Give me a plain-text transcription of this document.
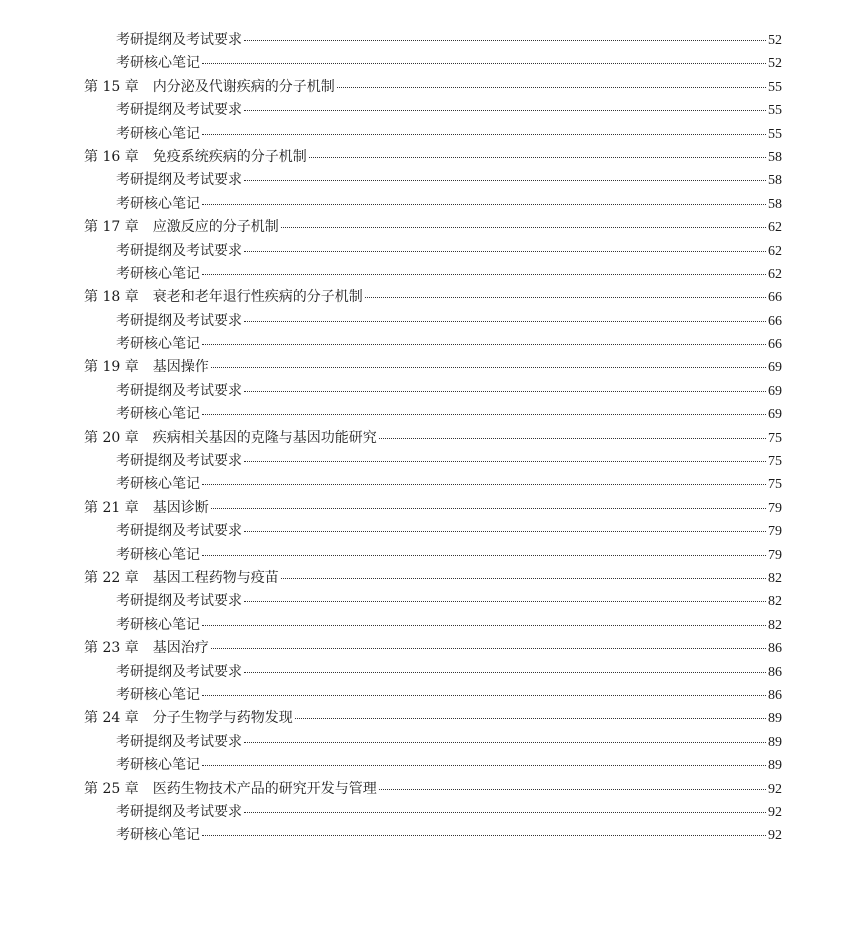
考研提纲及考试要求	52
考研核心笔记	52
第 15 章 内分泌及代谢疾病的分子机制	55
考研提纲及考试要求	55
考研核心笔记	55
第 16 章 免疫系统疾病的分子机制	58
考研提纲及考试要求	58
考研核心笔记	58
第 17 章 应激反应的分子机制	62
考研提纲及考试要求	62
考研核心笔记	62
第 18 章 衰老和老年退行性疾病的分子机制	66
考研提纲及考试要求	66
考研核心笔记	66
第 19 章 基因操作	69
考研提纲及考试要求	69
考研核心笔记	69
第 20 章 疾病相关基因的克隆与基因功能研究	75
考研提纲及考试要求	75
考研核心笔记	75
第 21 章 基因诊断	79
考研提纲及考试要求	79
考研核心笔记	79
第 22 章 基因工程药物与疫苗	82
考研提纲及考试要求	82
考研核心笔记	82
第 23 章 基因治疗	86
考研提纲及考试要求	86
考研核心笔记	86
第 24 章 分子生物学与药物发现	89
考研提纲及考试要求	89
考研核心笔记	89
第 25 章 医药生物技术产品的研究开发与管理	92
考研提纲及考试要求	92
考研核心笔记	92
